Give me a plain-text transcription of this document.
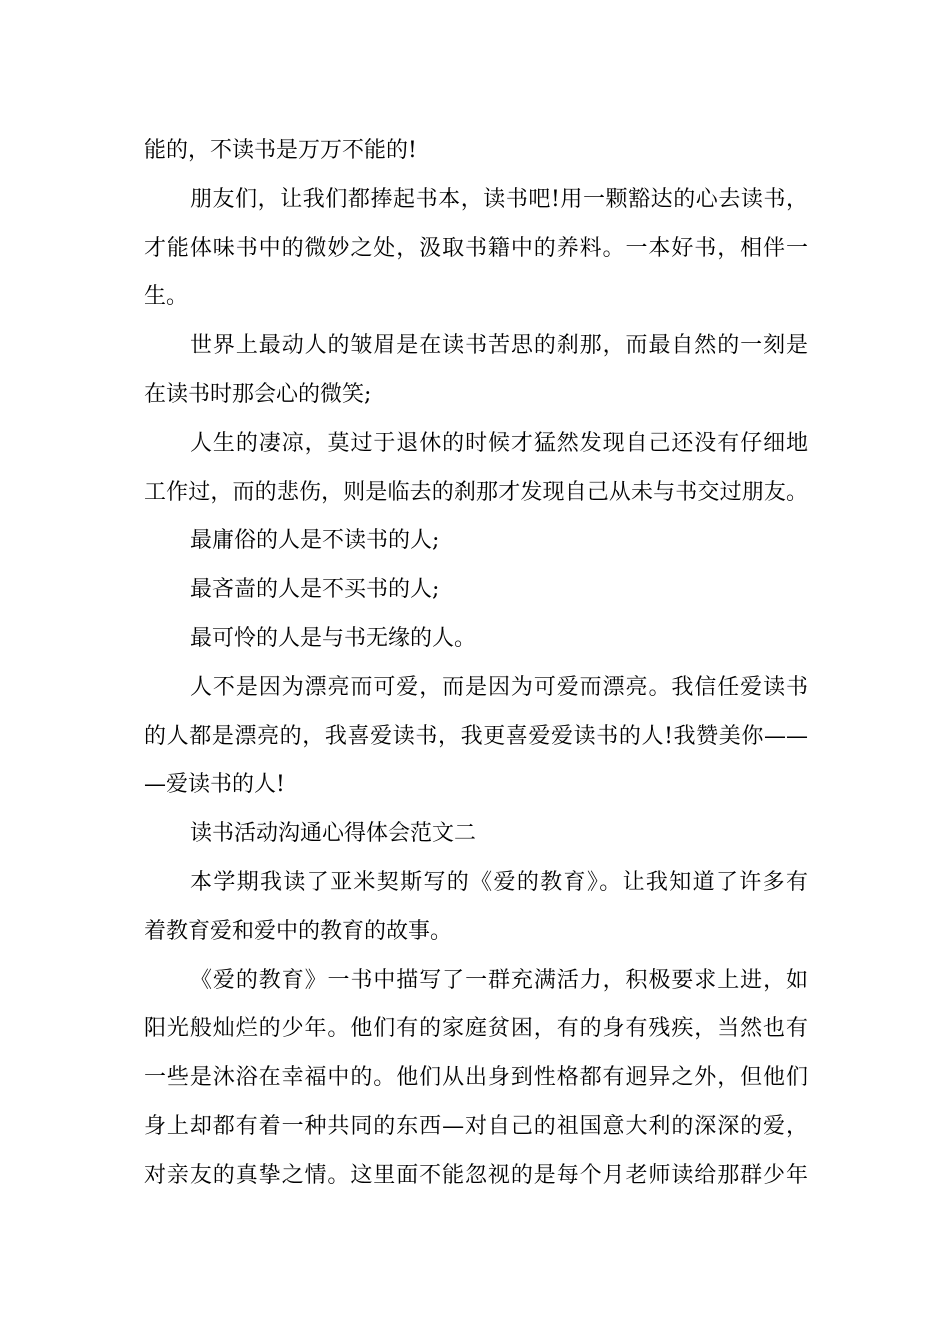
能的，不读书是万万不能的!
朋友们，让我们都捧起书本，读书吧!用一颗豁达的心去读书，
才能体味书中的微妙之处，汲取书籍中的养料。一本好书，相伴一
生。
世界上最动人的皱眉是在读书苦思的刹那，而最自然的一刻是
在读书时那会心的微笑;
人生的凄凉，莫过于退休的时候才猛然发现自己还没有仔细地
工作过，而的悲伤，则是临去的刹那才发现自己从未与书交过朋友。
最庸俗的人是不读书的人;
最吝啬的人是不买书的人;
最可怜的人是与书无缘的人。
人不是因为漂亮而可爱，而是因为可爱而漂亮。我信任爱读书
的人都是漂亮的，我喜爱读书，我更喜爱爱读书的人!我赞美你——
—爱读书的人!
读书活动沟通心得体会范文二
本学期我读了亚米契斯写的《爱的教育》。让我知道了许多有
着教育爱和爱中的教育的故事。
《爱的教育》一书中描写了一群充满活力，积极要求上进，如
阳光般灿烂的少年。他们有的家庭贫困，有的身有残疾，当然也有
一些是沐浴在幸福中的。他们从出身到性格都有迥异之外，但他们
身上却都有着一种共同的东西—对自己的祖国意大利的深深的爱，
对亲友的真挚之情。这里面不能忽视的是每个月老师读给那群少年
